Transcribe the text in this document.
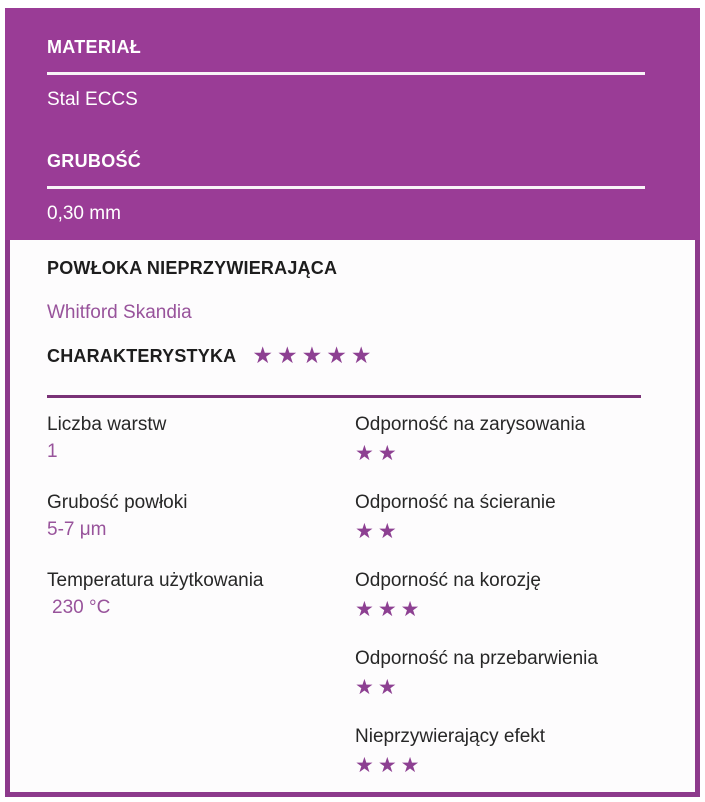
MATERIAŁ
Stal ECCS
GRUBOŚĆ
0,30 mm
POWŁOKA NIEPRZYWIERAJĄCA
Whitford Skandia
CHARAKTERYSTYKA ★★★★★
Liczba warstw
1
Grubość powłoki
5-7 μm
Temperatura użytkowania
230 °C
Odporność na zarysowania
★★
Odporność na ścieranie
★★
Odporność na korozję
★★★
Odporność na przebarwienia
★★
Nieprzywierający efekt
★★★
